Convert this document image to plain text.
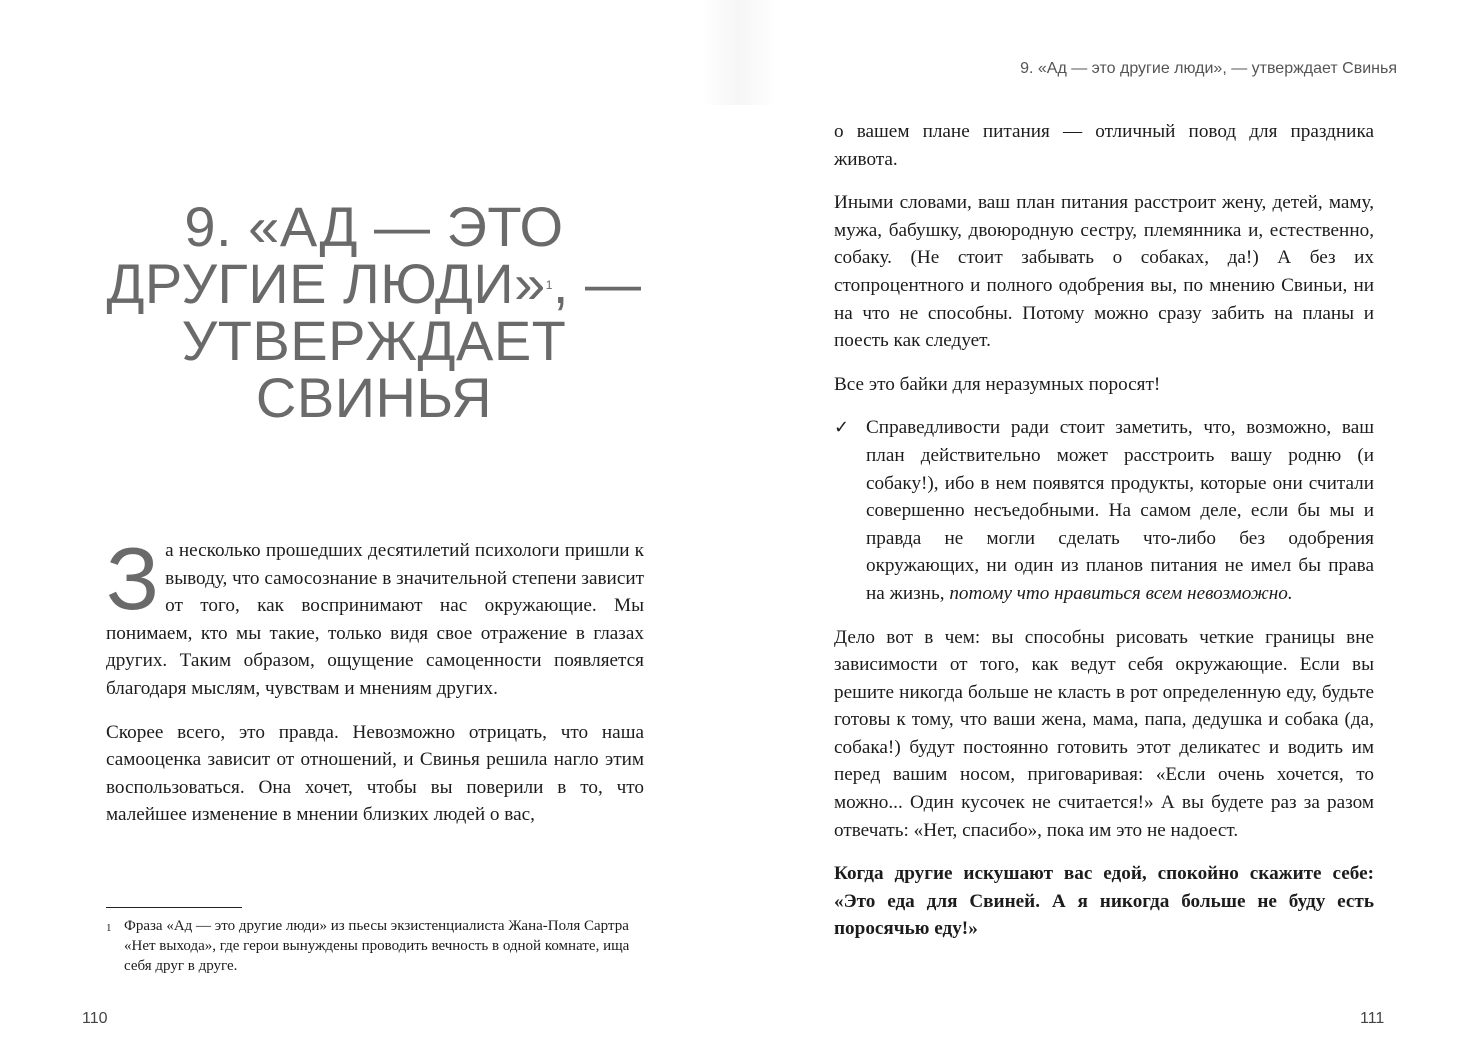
9. «АД — ЭТО
ДРУГИЕ ЛЮДИ»$^1$, —
УТВЕРЖДАЕТ
СВИНЬЯ

За несколько прошедших десятилетий психологи пришли к выводу, что самосознание в значительной степени зависит от того, как воспринимают нас окружающие. Мы понимаем, кто мы такие, только видя свое отражение в глазах других. Таким образом, ощущение самоценности появляется благодаря мыслям, чувствам и мнениям других.

Скорее всего, это правда. Невозможно отрицать, что наша самооценка зависит от отношений, и Свинья решила нагло этим воспользоваться. Она хочет, чтобы вы поверили в то, что малейшее изменение в мнении близких людей о вас,

1 Фраза «Ад — это другие люди» из пьесы экзистенциалиста Жана-Поля Сартра «Нет выхода», где герои вынуждены проводить вечность в одной комнате, ища себя друг в друге.

110

9. «Ад — это другие люди», — утверждает Свинья

о вашем плане питания — отличный повод для праздника живота.

Иными словами, ваш план питания расстроит жену, детей, маму, мужа, бабушку, двоюродную сестру, племянника и, естественно, собаку. (Не стоит забывать о собаках, да!) А без их стопроцентного и полного одобрения вы, по мнению Свиньи, ни на что не способны. Потому можно сразу забить на планы и поесть как следует.

Все это байки для неразумных поросят!

✓ Справедливости ради стоит заметить, что, возможно, ваш план действительно может расстроить вашу родню (и собаку!), ибо в нем появятся продукты, которые они считали совершенно несъедобными. На самом деле, если бы мы и правда не могли сделать что-либо без одобрения окружающих, ни один из планов питания не имел бы права на жизнь, потому что нравиться всем невозможно.

Дело вот в чем: вы способны рисовать четкие границы вне зависимости от того, как ведут себя окружающие. Если вы решите никогда больше не класть в рот определенную еду, будьте готовы к тому, что ваши жена, мама, папа, дедушка и собака (да, собака!) будут постоянно готовить этот деликатес и водить им перед вашим носом, приговаривая: «Если очень хочется, то можно... Один кусочек не считается!» А вы будете раз за разом отвечать: «Нет, спасибо», пока им это не надоест.

Когда другие искушают вас едой, спокойно скажите себе: «Это еда для Свиней. А я никогда больше не буду есть поросячью еду!»

111
